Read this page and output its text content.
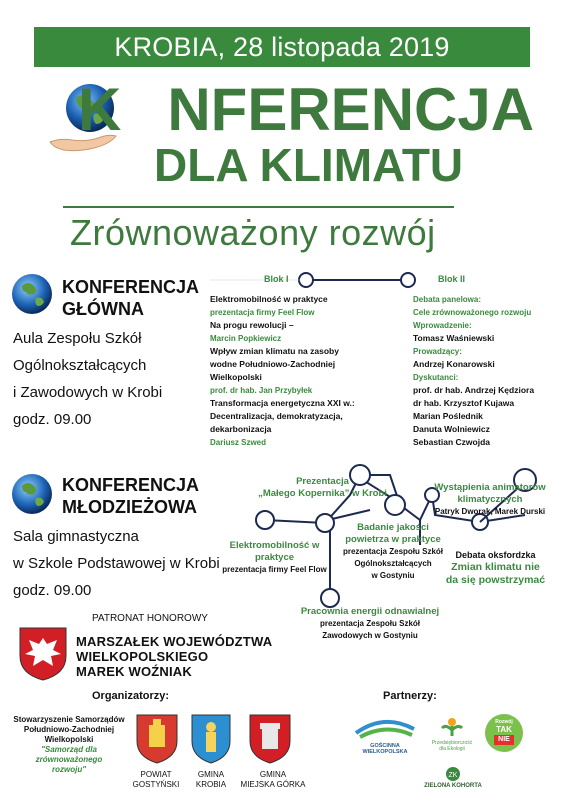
KROBIA, 28 listopada 2019
K NFERENCJA
DLA KLIMATU
Zrównoważony rozwój
KONFERENCJA
GŁÓWNA
Aula Zespołu Szkół
Ogólnokształcących
i Zawodowych w Krobi
godz. 09.00
Blok I	Blok II
Elektromobilność w praktyce
prezentacja firmy Feel Flow
Na progu rewolucji –
Marcin Popkiewicz
Wpływ zmian klimatu na zasoby
wodne Południowo-Zachodniej
Wielkopolski
prof. dr hab. Jan Przybyłek
Transformacja energetyczna XXI w.:
Decentralizacja, demokratyzacja,
dekarbonizacja
Dariusz Szwed
Debata panelowa:
Cele zrównoważonego rozwoju
Wprowadzenie:
Tomasz Waśniewski
Prowadzący:
Andrzej Konarowski
Dyskutanci:
prof. dr hab. Andrzej Kędziora
dr hab. Krzysztof Kujawa
Marian Poślednik
Danuta Wolniewicz
Sebastian Czwojda
KONFERENCJA
MŁODZIEŻOWA
Sala gimnastyczna
w Szkole Podstawowej w Krobi
godz. 09.00
Prezentacja
„Małego Kopernika” w Krobi
Wystąpienia animatorów
klimatycznych
Patryk Dworak, Marek Durski
Badanie jakości
powietrza w praktyce
prezentacja Zespołu Szkół
Ogólnokształcących
w Gostyniu
Elektromobilność w praktyce
prezentacja firmy Feel Flow
Debata oksfordzka
Zmian klimatu nie
da się powstrzymać
Pracownia energii odnawialnej
prezentacja Zespołu Szkół
Zawodowych w Gostyniu
PATRONAT HONOROWY
MARSZAŁEK WOJEWÓDZTWA
WIELKOPOLSKIEGO
MAREK WOŹNIAK
Organizatorzy:
Stowarzyszenie Samorządów
Południowo-Zachodniej
Wielkopolski
"Samorząd dla
zrównoważonego
rozwoju"
POWIAT
GOSTYŃSKI
GMINA
KROBIA
GMINA
MIEJSKA GÓRKA
Partnerzy:
GOŚCINNA WIELKOPOLSKA
Przedsiębiorczość
dla Ekologii
Rozwój
TAK
NIE
ZK
ZIELONA KOHORTA
